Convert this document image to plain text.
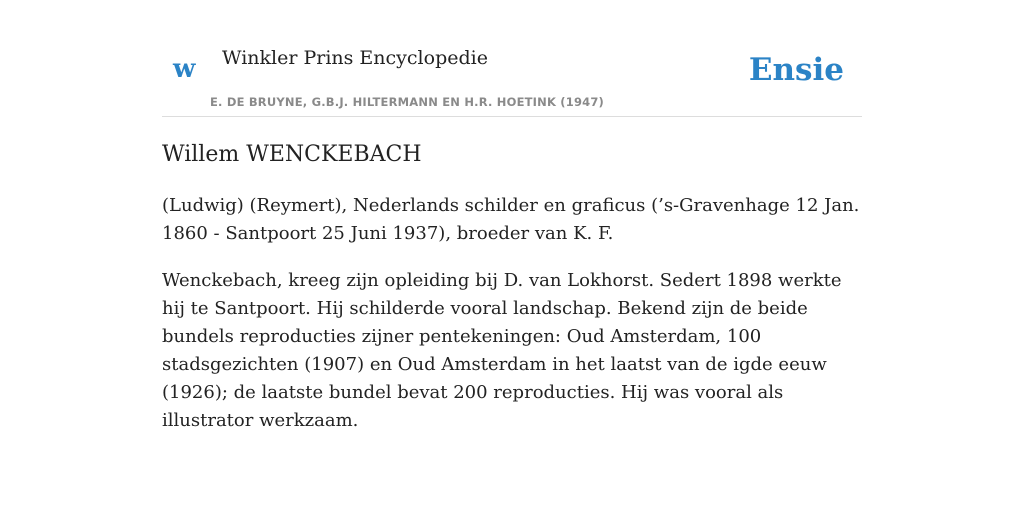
w Winkler Prins Encyclopedie
E. DE BRUYNE, G.B.J. HILTERMANN EN H.R. HOETINK (1947)
Ensie
Willem WENCKEBACH

(Ludwig) (Reymert), Nederlands schilder en graficus (’s-Gravenhage 12 Jan. 1860 - Santpoort 25 Juni 1937), broeder van K. F.

Wenckebach, kreeg zijn opleiding bij D. van Lokhorst. Sedert 1898 werkte hij te Santpoort. Hij schilderde vooral landschap. Bekend zijn de beide bundels reproducties zijner pentekeningen: Oud Amsterdam, 100 stadsgezichten (1907) en Oud Amsterdam in het laatst van de igde eeuw (1926); de laatste bundel bevat 200 reproducties. Hij was vooral als illustrator werkzaam.
